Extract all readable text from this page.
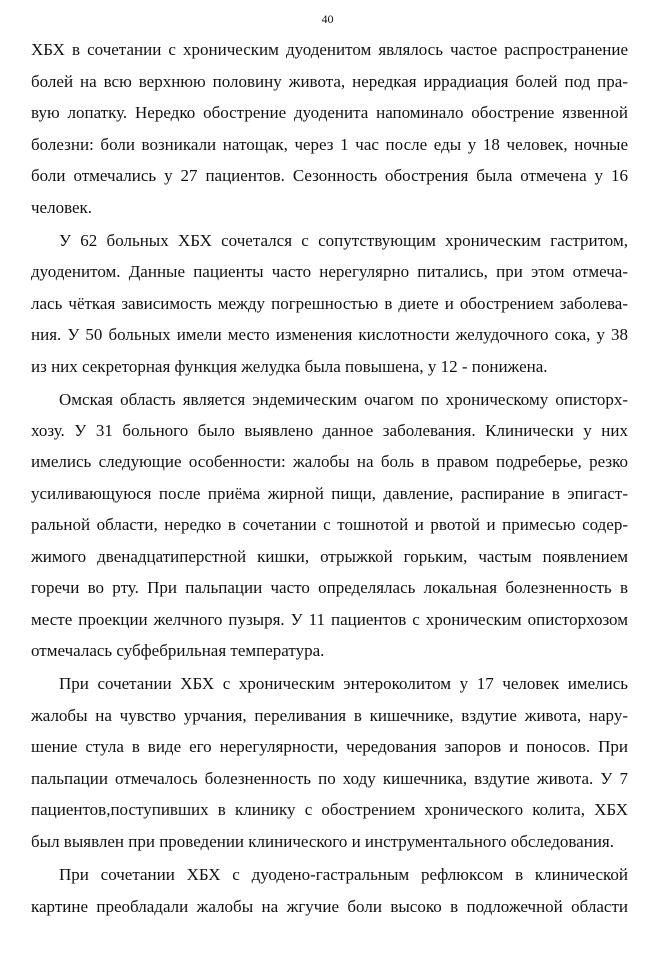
40
ХБХ в сочетании с хроническим дуоденитом являлось частое распространение
болей на всю верхнюю половину живота, нередкая иррадиация болей под пра-
вую лопатку. Нередко обострение дуоденита напоминало обострение язвенной
болезни: боли возникали натощак, через 1 час после еды у 18 человек, ночные
боли отмечались у 27 пациентов. Сезонность обострения была отмечена у 16
человек.
У 62 больных ХБХ сочетался с сопутствующим хроническим гастритом,
дуоденитом. Данные пациенты часто нерегулярно питались, при этом отмеча-
лась чёткая зависимость между погрешностью в диете и обострением заболева-
ния. У 50 больных имели место изменения кислотности желудочного сока, у 38
из них секреторная функция желудка была повышена, у 12 - понижена.
Омская область является эндемическим очагом по хроническому описторх-
хозу. У 31 больного было выявлено данное заболевания. Клинически у них
имелись следующие особенности: жалобы на боль в правом подреберье, резко
усиливающуюся после приёма жирной пищи, давление, распирание в эпигаст-
ральной области, нередко в сочетании с тошнотой и рвотой и примесью содер-
жимого двенадцатиперстной кишки, отрыжкой горьким, частым появлением
горечи во рту. При пальпации часто определялась локальная болезненность в
месте проекции желчного пузыря. У 11 пациентов с хроническим описторхозом
отмечалась субфебрильная температура.
При сочетании ХБХ с хроническим энтероколитом у 17 человек имелись
жалобы на чувство урчания, переливания в кишечнике, вздутие живота, нару-
шение стула в виде его нерегулярности, чередования запоров и поносов. При
пальпации отмечалось болезненность по ходу кишечника, вздутие живота. У 7
пациентов,поступивших в клинику с обострением хронического колита, ХБХ
был выявлен при проведении клинического и инструментального обследования.
При сочетании ХБХ с дуодено-гастральным рефлюксом в клинической
картине преобладали жалобы на жгучие боли высоко в подложечной области
